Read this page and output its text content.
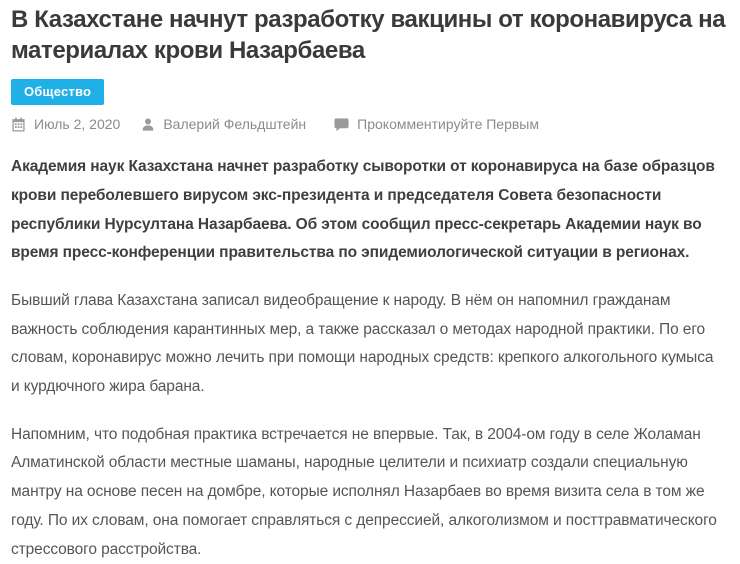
В Казахстане начнут разработку вакцины от коронавируса на материалах крови Назарбаева
Общество
Июль 2, 2020	Валерий Фельдштейн	Прокомментируйте Первым

Академия наук Казахстана начнет разработку сыворотки от коронавируса на базе образцов крови переболевшего вирусом экс-президента и председателя Совета безопасности республики Нурсултана Назарбаева. Об этом сообщил пресс-секретарь Академии наук во время пресс-конференции правительства по эпидемиологической ситуации в регионах.

Бывший глава Казахстана записал видеобращение к народу. В нём он напомнил гражданам важность соблюдения карантинных мер, а также рассказал о методах народной практики. По его словам, коронавирус можно лечить при помощи народных средств: крепкого алкогольного кумыса и курдючного жира барана.

Напомним, что подобная практика встречается не впервые. Так, в 2004-ом году в селе Жоламан Алматинской области местные шаманы, народные целители и психиатр создали специальную мантру на основе песен на домбре, которые исполнял Назарбаев во время визита села в том же году. По их словам, она помогает справляться с депрессией, алкоголизмом и посттравматического стрессового расстройства.
